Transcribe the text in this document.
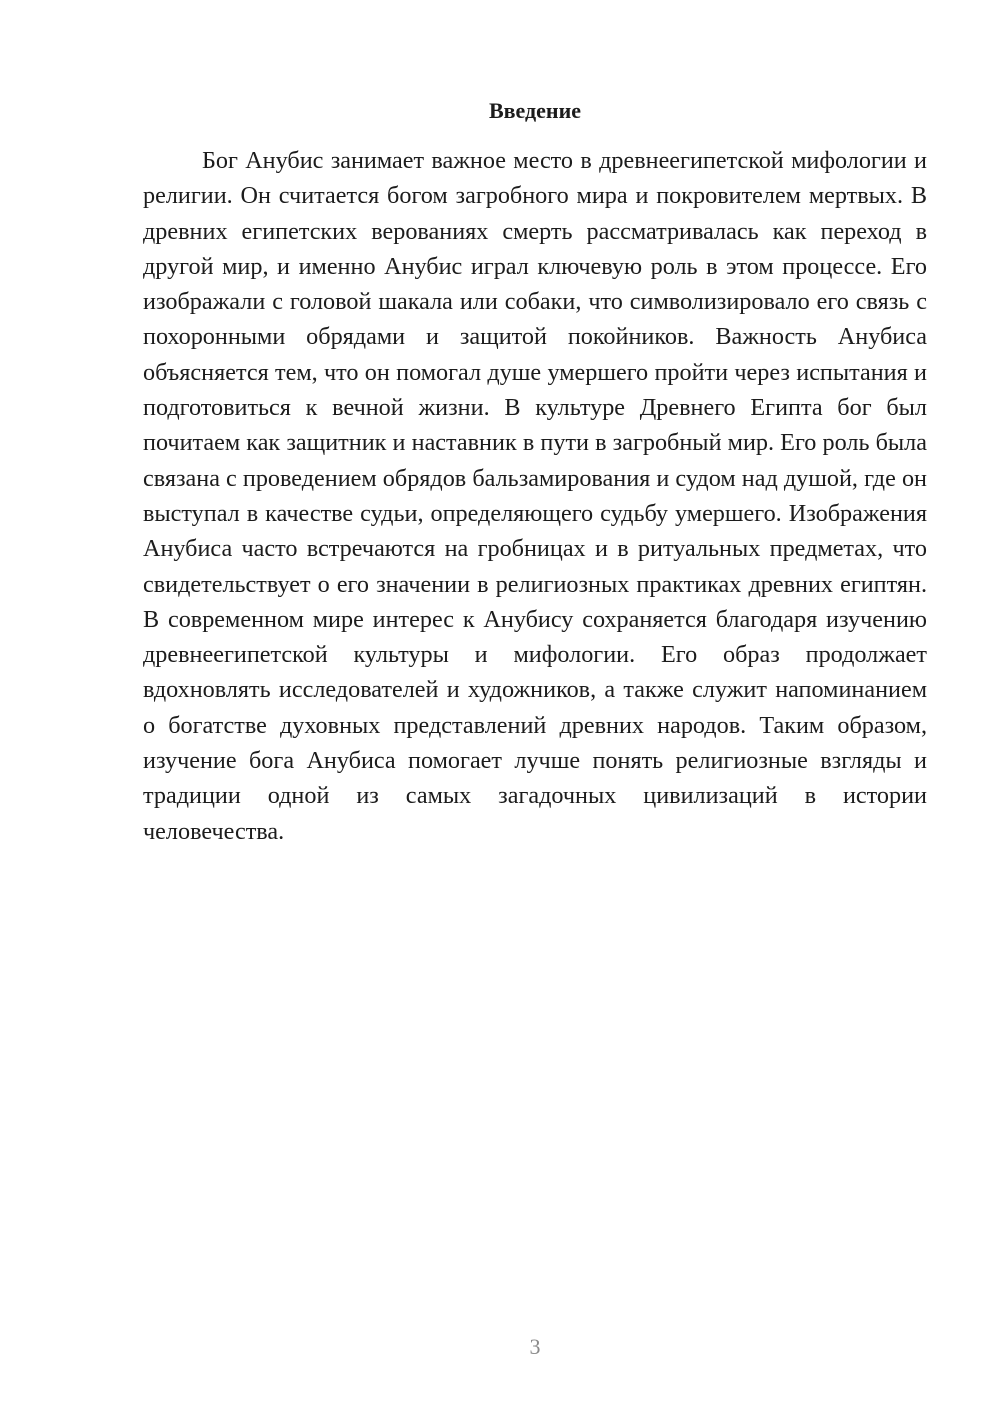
Введение

Бог Анубис занимает важное место в древнеегипетской мифологии и религии. Он считается богом загробного мира и покровителем мертвых. В древних египетских верованиях смерть рассматривалась как переход в другой мир, и именно Анубис играл ключевую роль в этом процессе. Его изображали с головой шакала или собаки, что символизировало его связь с похоронными обрядами и защитой покойников. Важность Анубиса объясняется тем, что он помогал душе умершего пройти через испытания и подготовиться к вечной жизни. В культуре Древнего Египта бог был почитаем как защитник и наставник в пути в загробный мир. Его роль была связана с проведением обрядов бальзамирования и судом над душой, где он выступал в качестве судьи, определяющего судьбу умершего. Изображения Анубиса часто встречаются на гробницах и в ритуальных предметах, что свидетельствует о его значении в религиозных практиках древних египтян. В современном мире интерес к Анубису сохраняется благодаря изучению древнеегипетской культуры и мифологии. Его образ продолжает вдохновлять исследователей и художников, а также служит напоминанием о богатстве духовных представлений древних народов. Таким образом, изучение бога Анубиса помогает лучше понять религиозные взгляды и традиции одной из самых загадочных цивилизаций в истории человечества.

3
